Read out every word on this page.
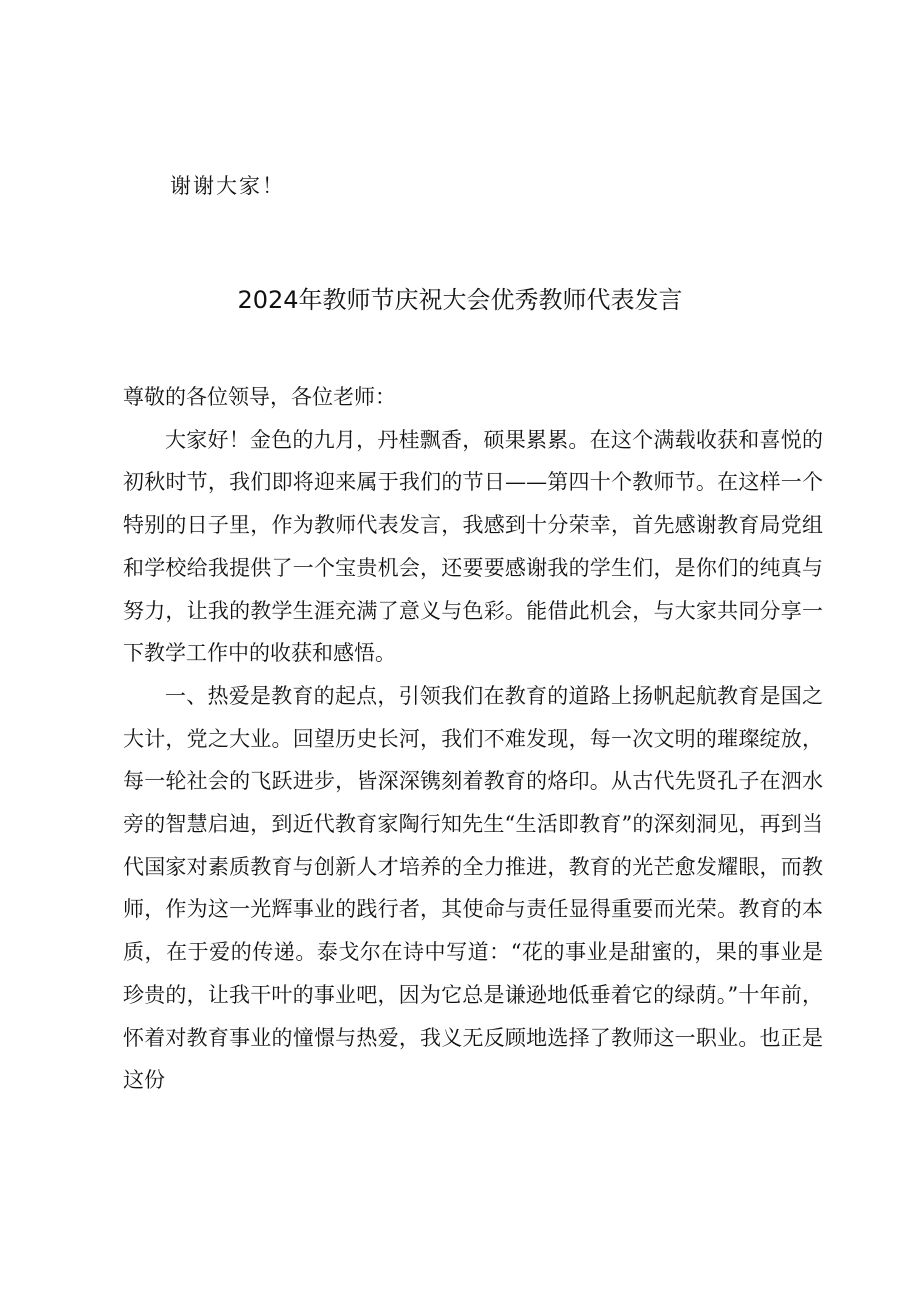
谢谢大家！
2024年教师节庆祝大会优秀教师代表发言

尊敬的各位领导，各位老师：

大家好！金色的九月，丹桂飘香，硕果累累。在这个满载收获和喜悦的初秋时节，我们即将迎来属于我们的节日——第四十个教师节。在这样一个特别的日子里，作为教师代表发言，我感到十分荣幸，首先感谢教育局党组和学校给我提供了一个宝贵机会，还要要感谢我的学生们，是你们的纯真与努力，让我的教学生涯充满了意义与色彩。能借此机会，与大家共同分享一下教学工作中的收获和感悟。

一、热爱是教育的起点，引领我们在教育的道路上扬帆起航教育是国之大计，党之大业。回望历史长河，我们不难发现，每一次文明的璀璨绽放，每一轮社会的飞跃进步，皆深深镌刻着教育的烙印。从古代先贤孔子在泗水旁的智慧启迪，到近代教育家陶行知先生“生活即教育”的深刻洞见，再到当代国家对素质教育与创新人才培养的全力推进，教育的光芒愈发耀眼，而教师，作为这一光辉事业的践行者，其使命与责任显得重要而光荣。教育的本质，在于爱的传递。泰戈尔在诗中写道：“花的事业是甜蜜的，果的事业是珍贵的，让我干叶的事业吧，因为它总是谦逊地低垂着它的绿荫。”十年前，怀着对教育事业的憧憬与热爱，我义无反顾地选择了教师这一职业。也正是这份
